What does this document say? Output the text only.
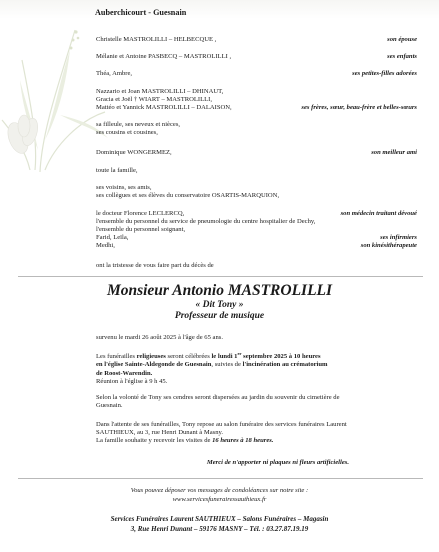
Auberchicourt - Guesnain
Christelle MASTROLILLI – HELBECQUE ,	son épouse
Mélanie et Antoine PASBECQ – MASTROLILLI ,	ses enfants
Théa, Ambre,	ses petites-filles adorées
Nazzario et Joan MASTROLILLI – DHINAUT,
Gracia et Joël † WIART – MASTROLILLI,
Mattéo et Yannick MASTROLILLI – DALAISON,	ses frères, sœur, beau-frère et belles-sœurs
sa filleule, ses neveux et nièces,
ses cousins et cousines,
Dominique WONGERMEZ,	son meilleur ami
toute la famille,
ses voisins, ses amis,
ses collègues et ses élèves du conservatoire OSARTIS-MARQUION,
le docteur Florence LECLERCQ,	son médecin traitant dévoué
l'ensemble du personnel du service de pneumologie du centre hospitalier de Dechy,
l'ensemble du personnel soignant,
Farid, Leïla,	ses infirmiers
Medhi,	son kinésithérapeute
ont la tristesse de vous faire part du décès de
Monsieur Antonio MASTROLILLI
« Dit Tony »
Professeur de musique
survenu le mardi 26 août 2025 à l'âge de 65 ans.
Les funérailles religieuses seront célébrées le lundi 1er septembre 2025 à 10 heures
en l'église Sainte-Aldegonde de Guesnain, suivies de l'incinération au crématorium
de Roost-Warendin.
Réunion à l'église à 9 h 45.
Selon la volonté de Tony ses cendres seront dispersées au jardin du souvenir du cimetière de
Guesnain.
Dans l'attente de ses funérailles, Tony repose au salon funéraire des services funéraires Laurent
SAUTHIEUX, au 3, rue Henri Dunant à Masny.
La famille souhaite y recevoir les visites de 16 heures à 18 heures.
Merci de n'apporter ni plaques ni fleurs artificielles.
Vous pouvez déposer vos messages de condoléances sur notre site :
www.servicesfunerairessauthieux.fr
Services Funéraires Laurent SAUTHIEUX – Salons Funéraires – Magasin
3, Rue Henri Dunant – 59176 MASNY – Tél. : 03.27.87.19.19
